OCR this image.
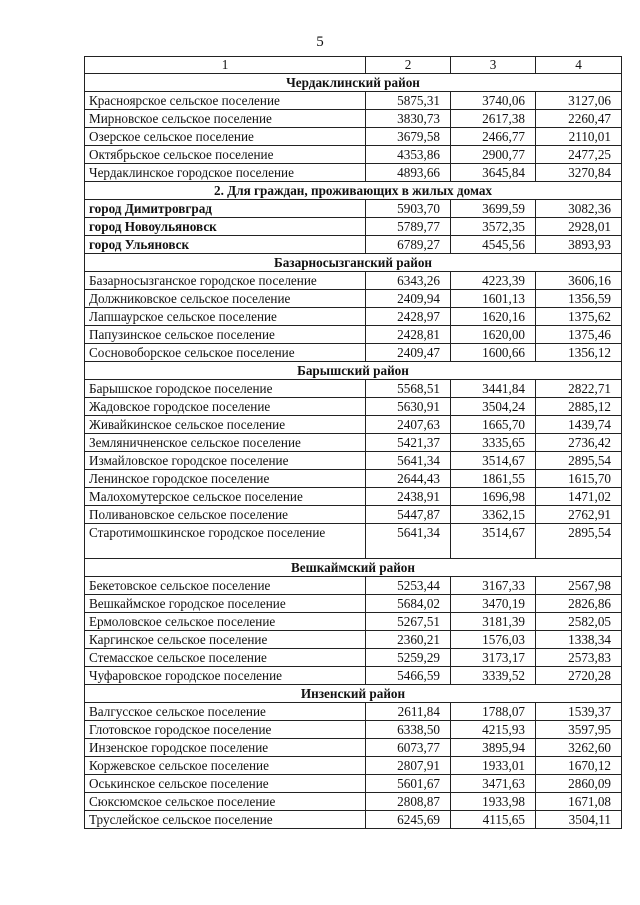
5
1	2	3	4
Чердаклинский район			
Красноярское сельское поселение	5875,31	3740,06	3127,06
Мирновское сельское поселение	3830,73	2617,38	2260,47
Озерское сельское поселение	3679,58	2466,77	2110,01
Октябрьское сельское поселение	4353,86	2900,77	2477,25
Чердаклинское городское поселение	4893,66	3645,84	3270,84
2. Для граждан, проживающих в жилых домах			
город Димитровград	5903,70	3699,59	3082,36
город Новоульяновск	5789,77	3572,35	2928,01
город Ульяновск	6789,27	4545,56	3893,93
Базарносызганский район			
Базарносызганское городское поселение	6343,26	4223,39	3606,16
Должниковское сельское поселение	2409,94	1601,13	1356,59
Лапшаурское сельское поселение	2428,97	1620,16	1375,62
Папузинское сельское поселение	2428,81	1620,00	1375,46
Сосновоборское сельское поселение	2409,47	1600,66	1356,12
Барышский район			
Барышское городское поселение	5568,51	3441,84	2822,71
Жадовское городское поселение	5630,91	3504,24	2885,12
Живайкинское сельское поселение	2407,63	1665,70	1439,74
Земляничненское сельское поселение	5421,37	3335,65	2736,42
Измайловское городское поселение	5641,34	3514,67	2895,54
Ленинское городское поселение	2644,43	1861,55	1615,70
Малохомутерское сельское поселение	2438,91	1696,98	1471,02
Поливановское сельское поселение	5447,87	3362,15	2762,91
Старотимошкинское городское поселение	5641,34	3514,67	2895,54
Вешкаймский район			
Бекетовское сельское поселение	5253,44	3167,33	2567,98
Вешкаймское городское поселение	5684,02	3470,19	2826,86
Ермоловское сельское поселение	5267,51	3181,39	2582,05
Каргинское сельское поселение	2360,21	1576,03	1338,34
Стемасское сельское поселение	5259,29	3173,17	2573,83
Чуфаровское городское поселение	5466,59	3339,52	2720,28
Инзенский район			
Валгусское сельское поселение	2611,84	1788,07	1539,37
Глотовское городское поселение	6338,50	4215,93	3597,95
Инзенское городское поселение	6073,77	3895,94	3262,60
Коржевское сельское поселение	2807,91	1933,01	1670,12
Оськинское сельское поселение	5601,67	3471,63	2860,09
Сюксюмское сельское поселение	2808,87	1933,98	1671,08
Труслейское сельское поселение	6245,69	4115,65	3504,11
